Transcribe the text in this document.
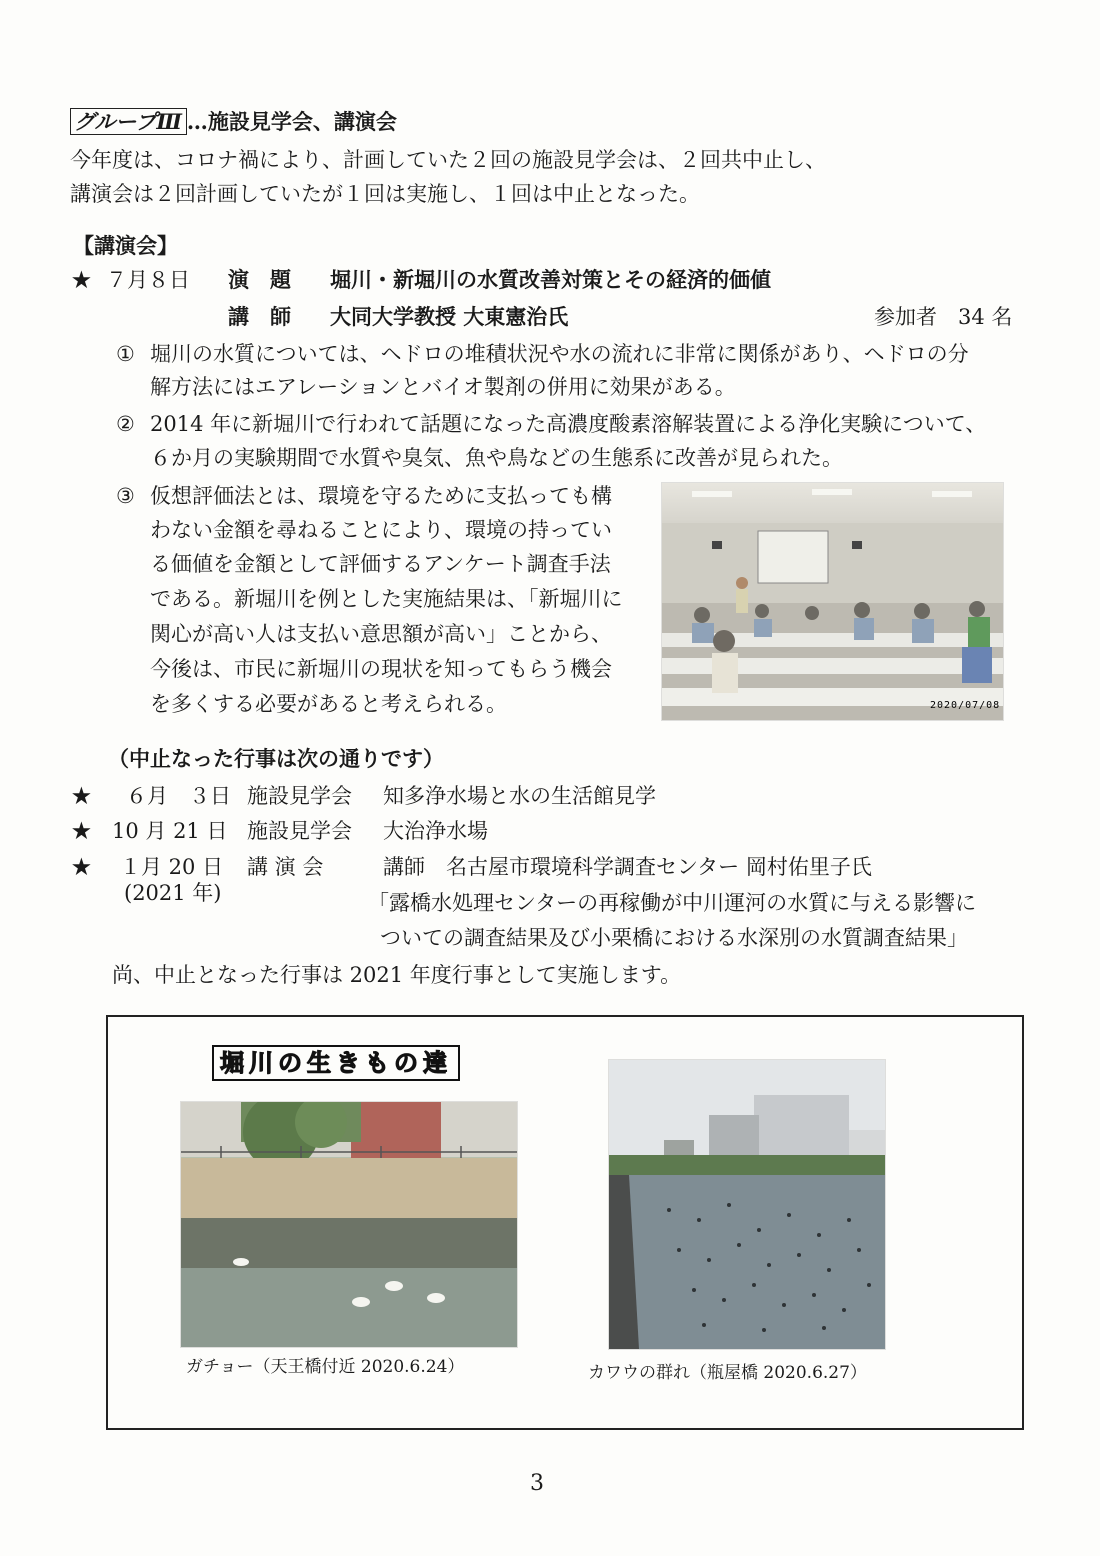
グループⅢ …施設見学会、講演会
今年度は、コロナ禍により、計画していた２回の施設見学会は、２回共中止し、
講演会は２回計画していたが１回は実施し、１回は中止となった。
【講演会】
★ ７月８日 演　題 堀川・新堀川の水質改善対策とその経済的価値
講　師 大同大学教授 大東憲治氏	参加者　34 名
① 堀川の水質については、ヘドロの堆積状況や水の流れに非常に関係があり、ヘドロの分
解方法にはエアレーションとバイオ製剤の併用に効果がある。
② 2014 年に新堀川で行われて話題になった高濃度酸素溶解装置による浄化実験について、
６か月の実験期間で水質や臭気、魚や鳥などの生態系に改善が見られた。
③ 仮想評価法とは、環境を守るために支払っても構
わない金額を尋ねることにより、環境の持ってい
る価値を金額として評価するアンケート調査手法
である。新堀川を例とした実施結果は、「新堀川に
関心が高い人は支払い意思額が高い」ことから、
今後は、市民に新堀川の現状を知ってもらう機会
を多くする必要があると考えられる。	2020/07/08
（中止なった行事は次の通りです）
★ ６月　３日 施設見学会 知多浄水場と水の生活館見学
★ 10 月 21 日 施設見学会 大治浄水場
★ １月 20 日 講 演 会	講師　名古屋市環境科学調査センター 岡村佑里子氏
(2021 年)	「露橋水処理センターの再稼働が中川運河の水質に与える影響に
ついての調査結果及び小栗橋における水深別の水質調査結果」
尚、中止となった行事は 2021 年度行事として実施します。
堀川の生きもの達
ガチョー（天王橋付近 2020.6.24）	カワウの群れ（瓶屋橋 2020.6.27）
3
